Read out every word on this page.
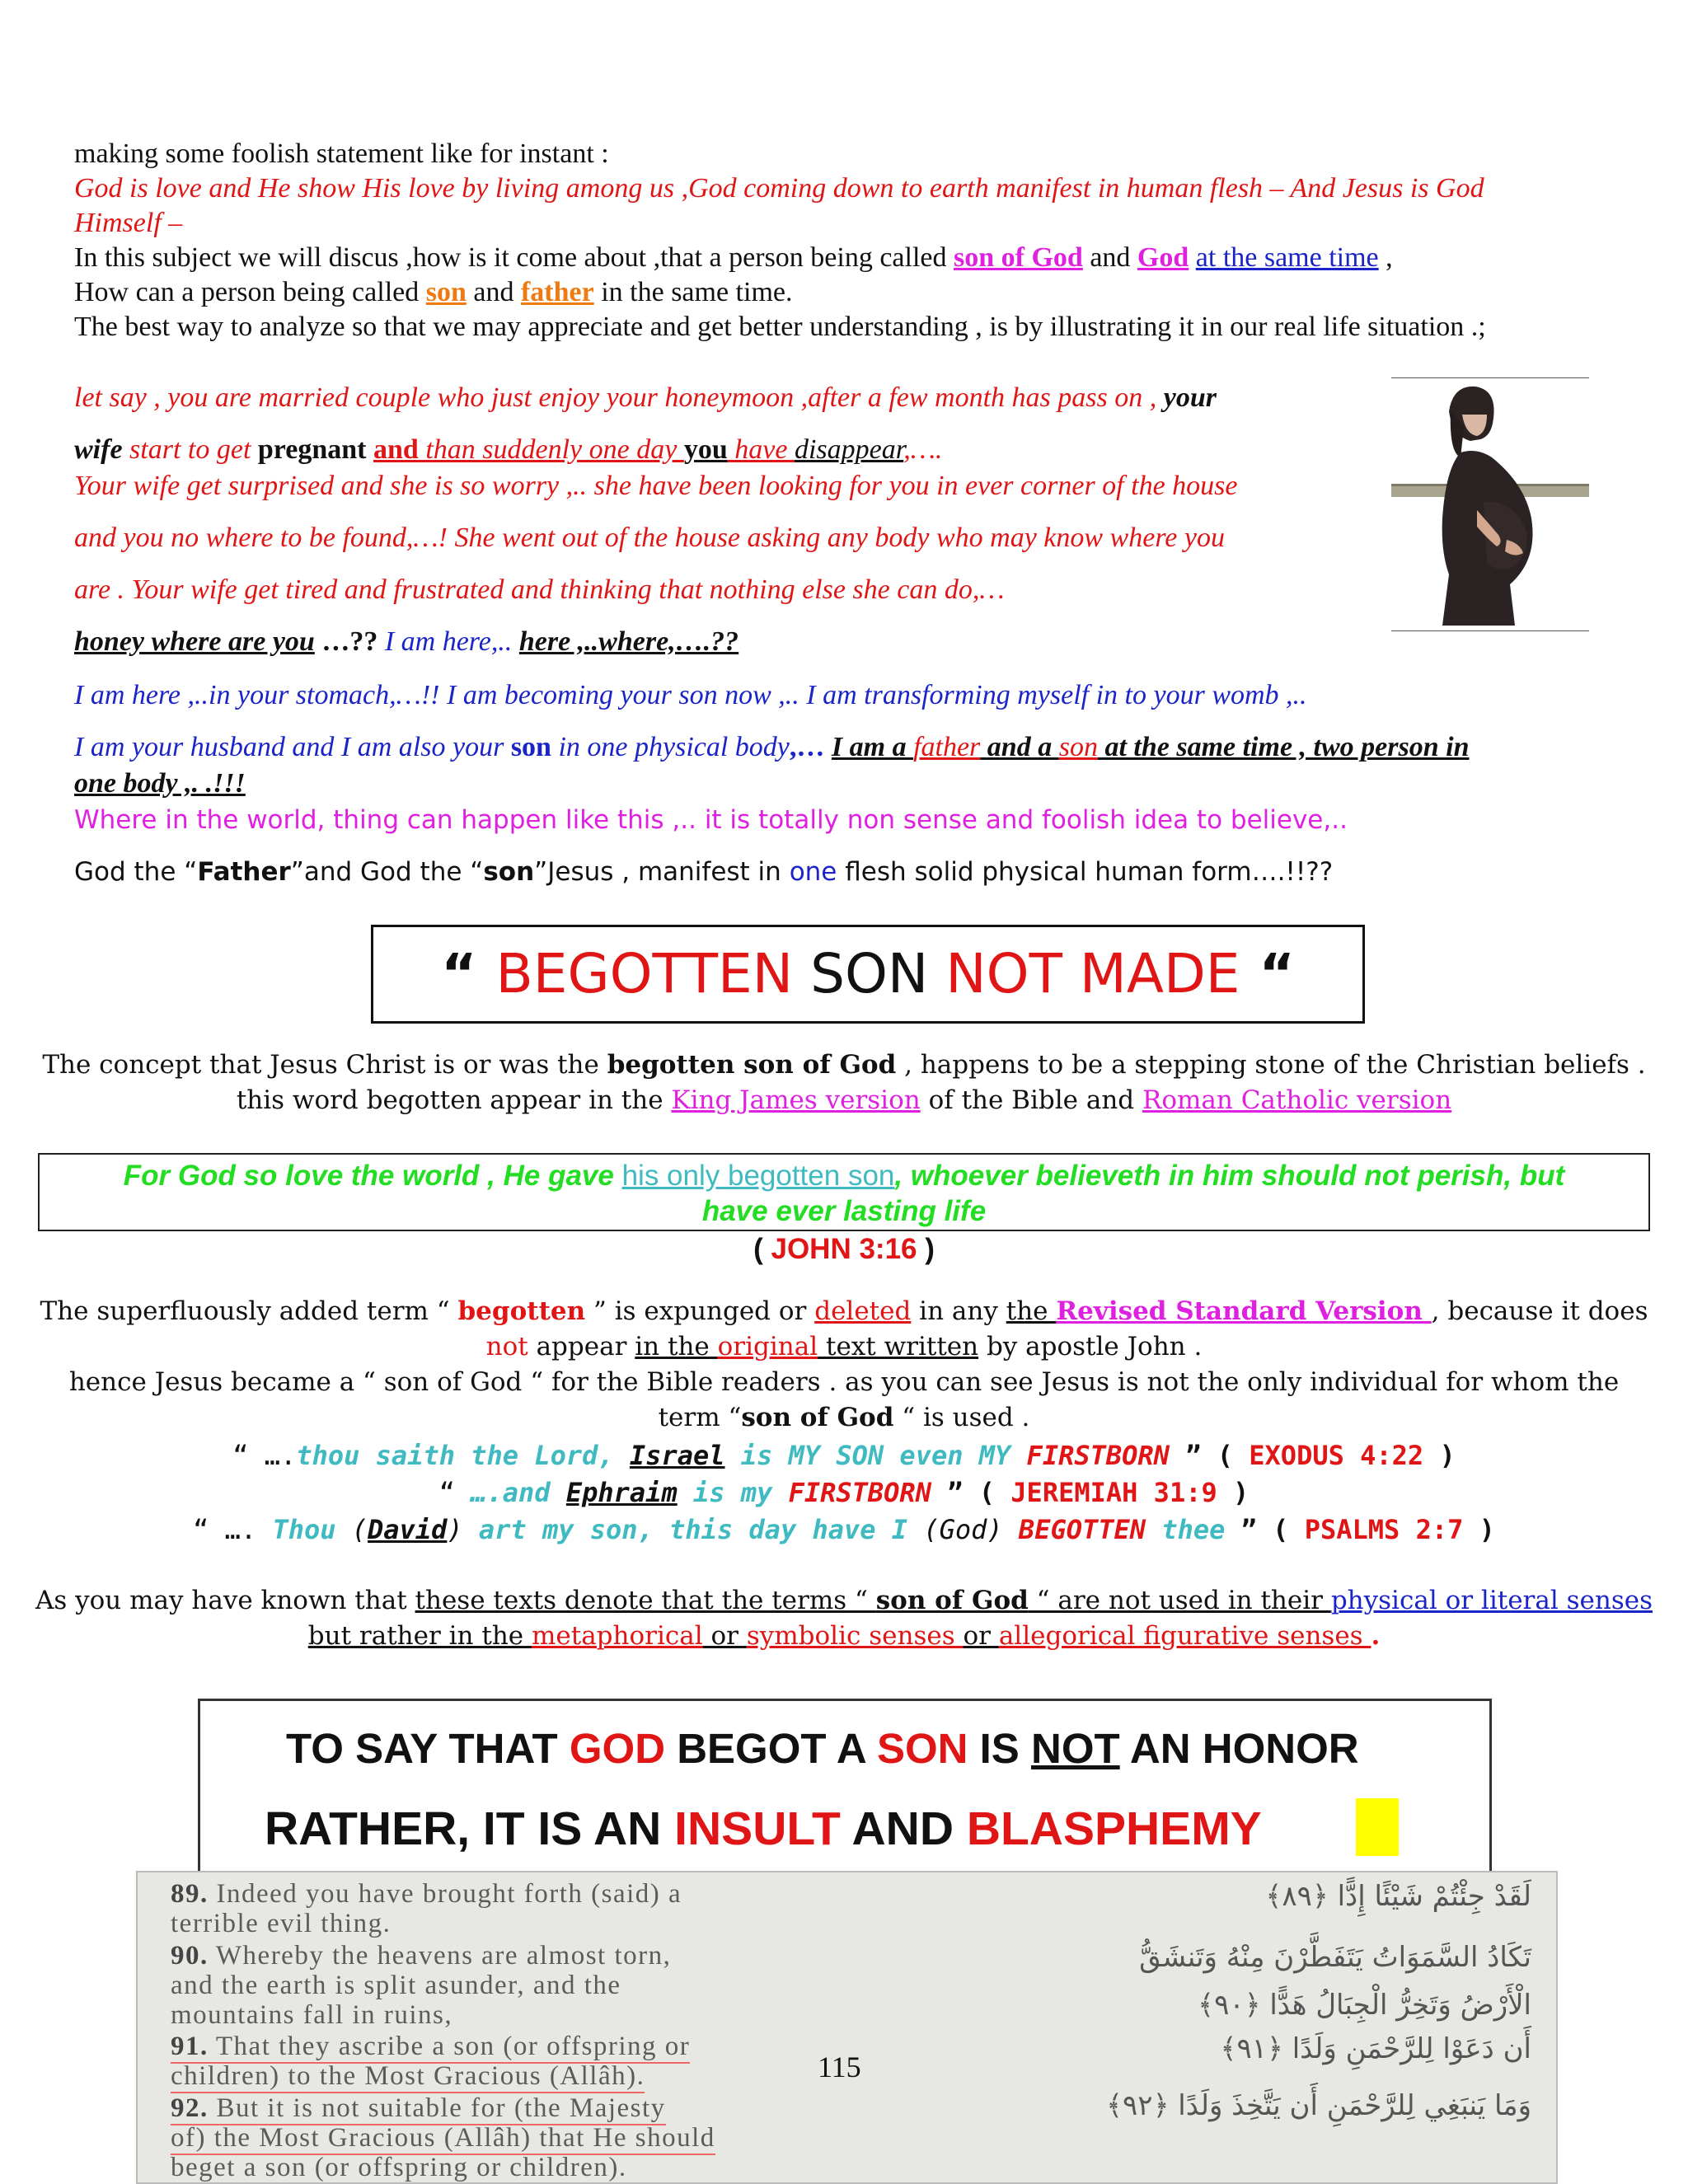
making some foolish statement like for instant :
God is love and He show His love by living among us ,God coming down to earth manifest in human flesh – And Jesus is God
Himself –
In this subject we will discus ,how is it come about ,that a person being called son of God and God at the same time ,
How can a person being called son and father in the same time.
The best way to analyze so that we may appreciate and get better understanding , is by illustrating it in our real life situation .;
let say , you are married couple who just enjoy your honeymoon ,after a few month has pass on , your
wife start to get pregnant and than suddenly one day you have disappear,….
Your wife get surprised and she is so worry ,.. she have been looking for you in ever corner of the house
and you no where to be found,…! She went out of the house asking any body who may know where you
are . Your wife get tired and frustrated and thinking that nothing else she can do,…
honey where are you …?? I am here,.. here ,..where,….??
I am here ,..in your stomach,…!! I am becoming your son now ,.. I am transforming myself in to your womb ,..
I am your husband and I am also your son in one physical body,… I am a father and a son at the same time , two person in
one body ,. .!!!
Where in the world, thing can happen like this ,.. it is totally non sense and foolish idea to believe,..
God the “Father”and God the “son”Jesus , manifest in one flesh solid physical human form….!!??
“ BEGOTTEN SON NOT MADE “
The concept that Jesus Christ is or was the begotten son of God , happens to be a stepping stone of the Christian beliefs .
this word begotten appear in the King James version of the Bible and Roman Catholic version
For God so love the world , He gave his only begotten son, whoever believeth in him should not perish, but
have ever lasting life
( JOHN 3:16 )
The superfluously added term “ begotten ” is expunged or deleted in any the Revised Standard Version , because it does
not appear in the original text written by apostle John .
hence Jesus became a “ son of God “ for the Bible readers . as you can see Jesus is not the only individual for whom the
term “son of God “ is used .
“ ….thou saith the Lord, Israel is MY SON even MY FIRSTBORN ” ( EXODUS 4:22 )
“ ….and Ephraim is my FIRSTBORN ” ( JEREMIAH 31:9 )
“ …. Thou (David) art my son, this day have I (God) BEGOTTEN thee ” ( PSALMS 2:7 )
As you may have known that these texts denote that the terms “ son of God “ are not used in their physical or literal senses
but rather in the metaphorical or symbolic senses or allegorical figurative senses .
TO SAY THAT GOD BEGOT A SON IS NOT AN HONOR
RATHER, IT IS AN INSULT AND BLASPHEMY
89. Indeed you have brought forth (said) a
terrible evil thing.
90. Whereby the heavens are almost torn,
and the earth is split asunder, and the
mountains fall in ruins,
91. That they ascribe a son (or offspring or
children) to the Most Gracious (Allâh).
92. But it is not suitable for (the Majesty
of) the Most Gracious (Allâh) that He should
beget a son (or offspring or children).
لَقَدْ جِئْتُمْ شَيْئًا إِدًّا ﴿٨٩﴾
تَكَادُ السَّمَوَاتُ يَتَفَطَّرْنَ مِنْهُ وَتَنشَقُّ
الْأَرْضُ وَتَخِرُّ الْجِبَالُ هَدًّا ﴿٩٠﴾
أَن دَعَوْا لِلرَّحْمَنِ وَلَدًا ﴿٩١﴾
وَمَا يَنبَغِي لِلرَّحْمَنِ أَن يَتَّخِذَ وَلَدًا ﴿٩٢﴾
115
